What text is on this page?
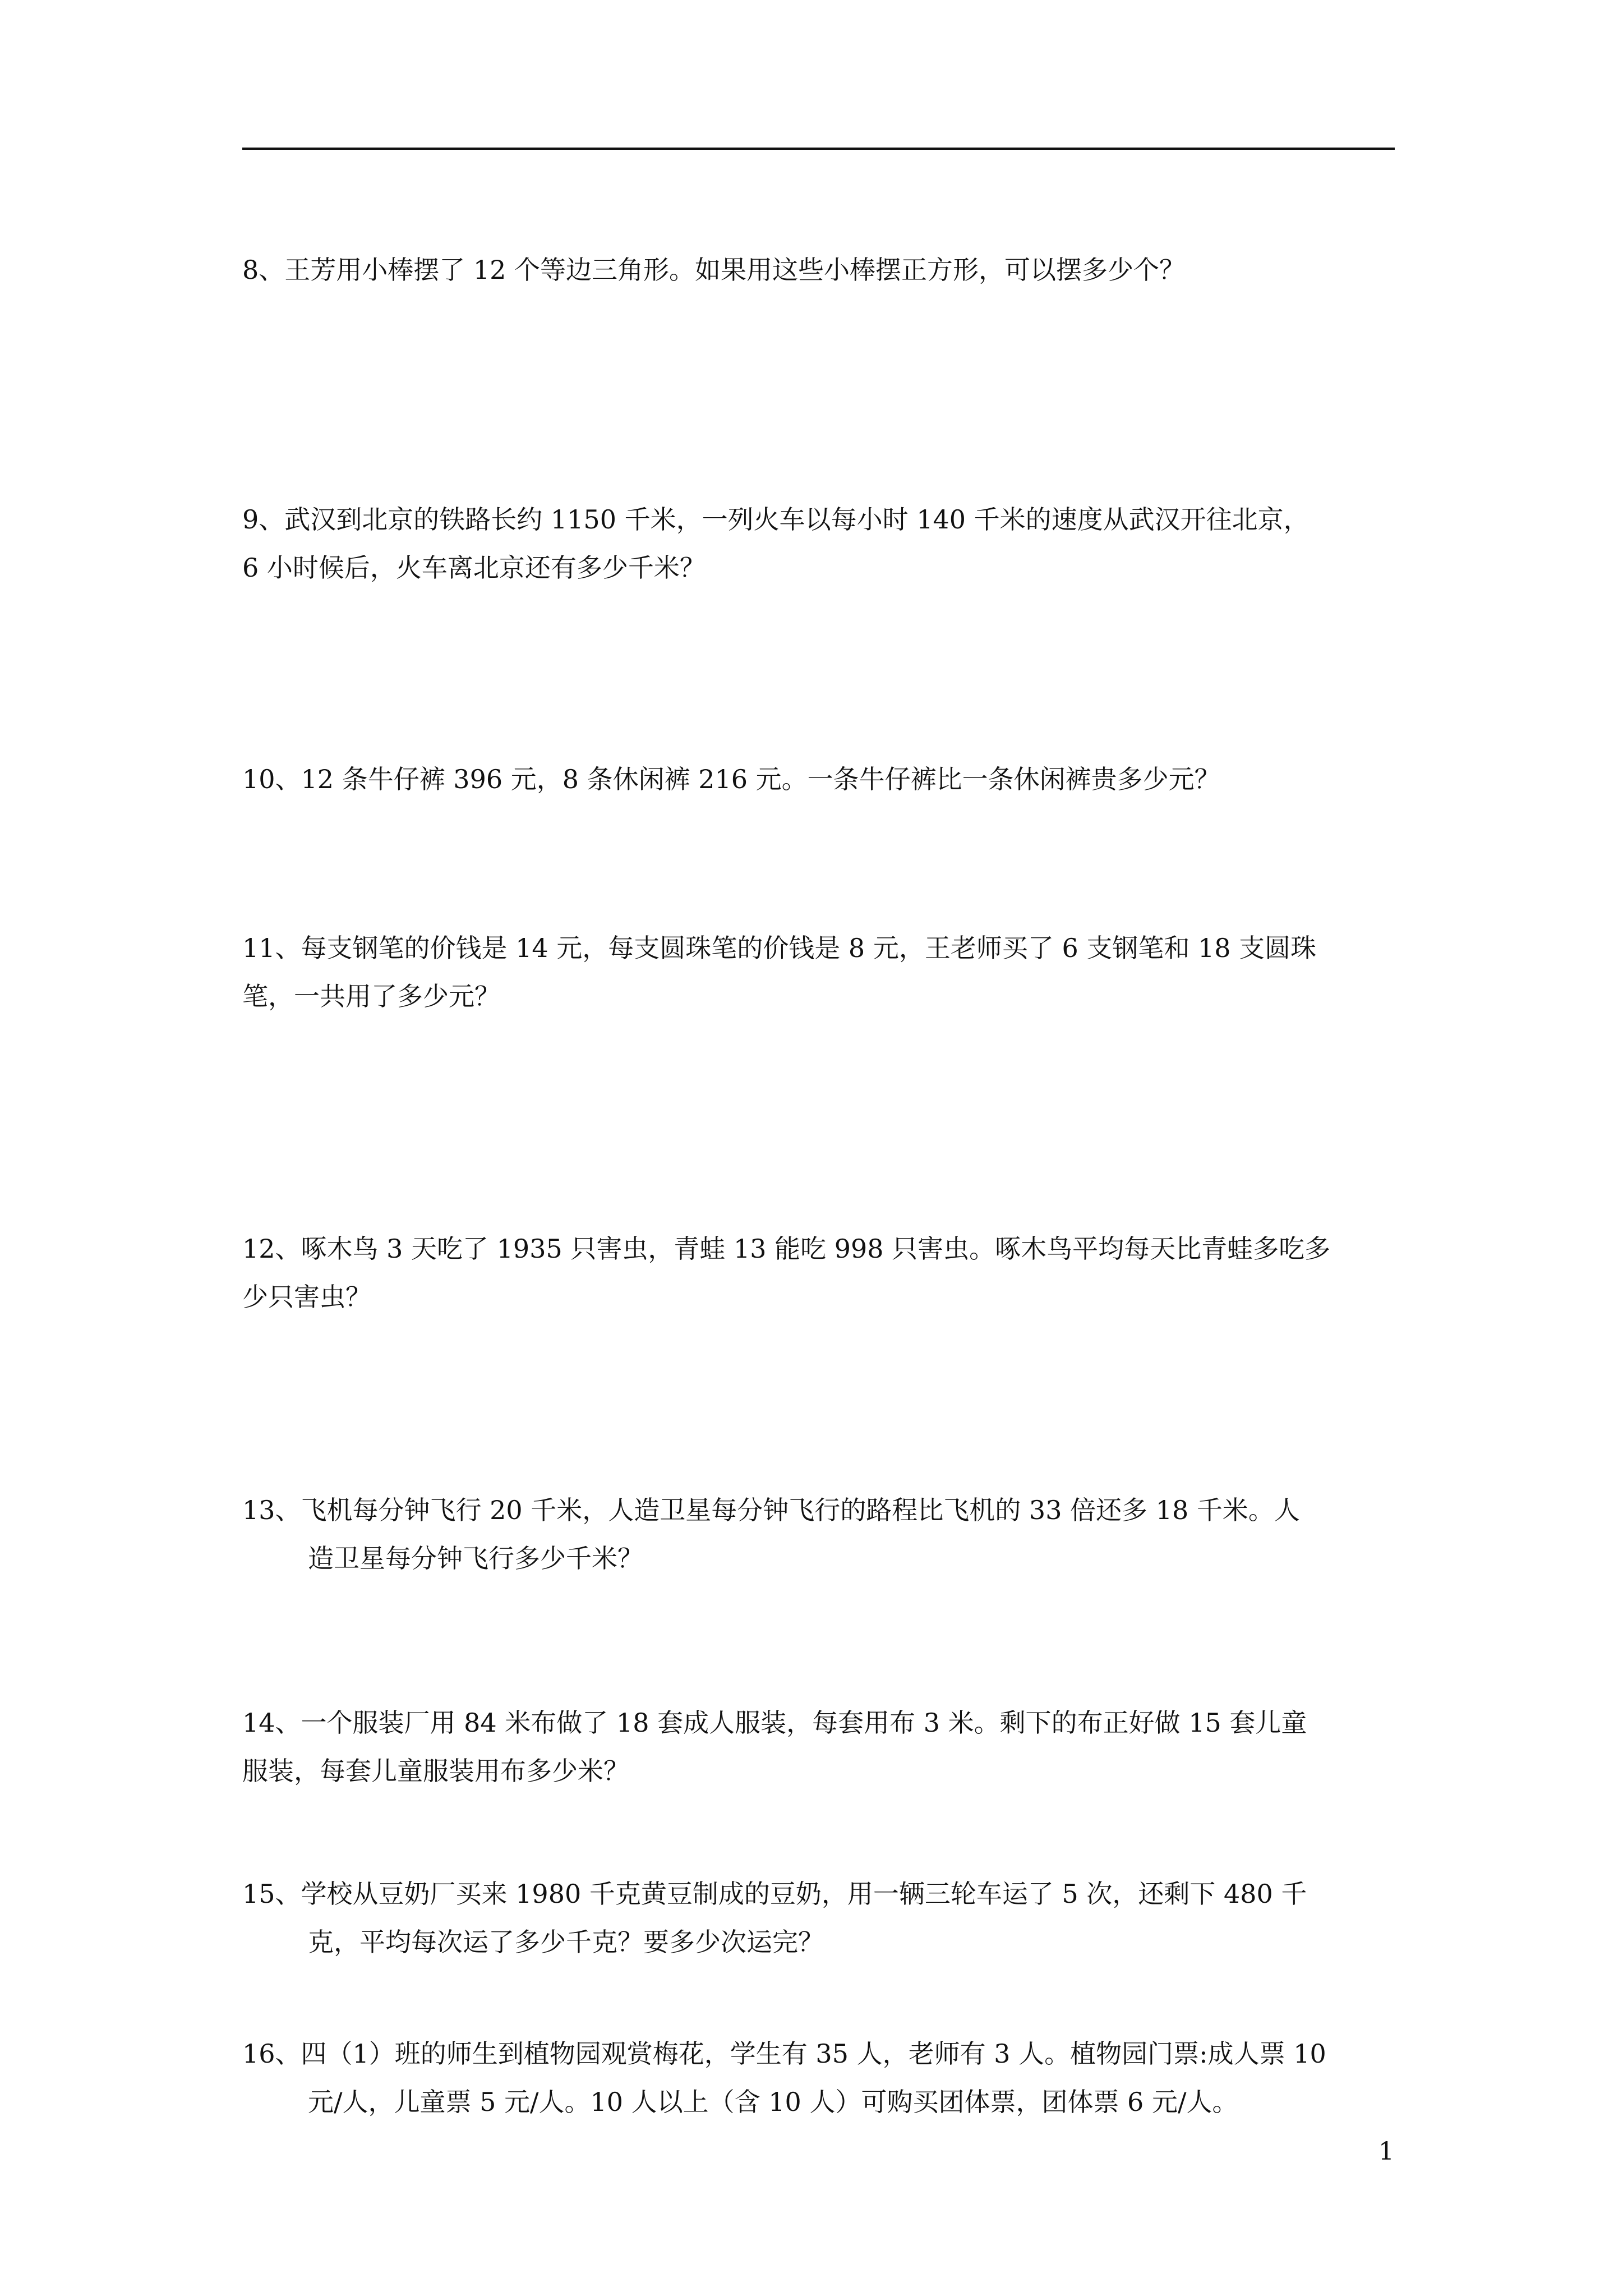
8、王芳用小棒摆了 12 个等边三角形。如果用这些小棒摆正方形，可以摆多少个？
9、武汉到北京的铁路长约 1150 千米，一列火车以每小时 140 千米的速度从武汉开往北京，
6 小时候后，火车离北京还有多少千米？
10、12 条牛仔裤 396 元，8 条休闲裤 216 元。一条牛仔裤比一条休闲裤贵多少元？
11、每支钢笔的价钱是 14 元，每支圆珠笔的价钱是 8 元，王老师买了 6 支钢笔和 18 支圆珠
笔，一共用了多少元？
12、啄木鸟 3 天吃了 1935 只害虫，青蛙 13 能吃 998 只害虫。啄木鸟平均每天比青蛙多吃多
少只害虫？
13、飞机每分钟飞行 20 千米，人造卫星每分钟飞行的路程比飞机的 33 倍还多 18 千米。人
造卫星每分钟飞行多少千米？
14、一个服装厂用 84 米布做了 18 套成人服装，每套用布 3 米。剩下的布正好做 15 套儿童
服装，每套儿童服装用布多少米？
15、学校从豆奶厂买来 1980 千克黄豆制成的豆奶，用一辆三轮车运了 5 次，还剩下 480 千
克，平均每次运了多少千克？要多少次运完？
16、四（1）班的师生到植物园观赏梅花，学生有 35 人，老师有 3 人。植物园门票:成人票 10
元/人，儿童票 5 元/人。10 人以上（含 10 人）可购买团体票，团体票 6 元/人。
1
